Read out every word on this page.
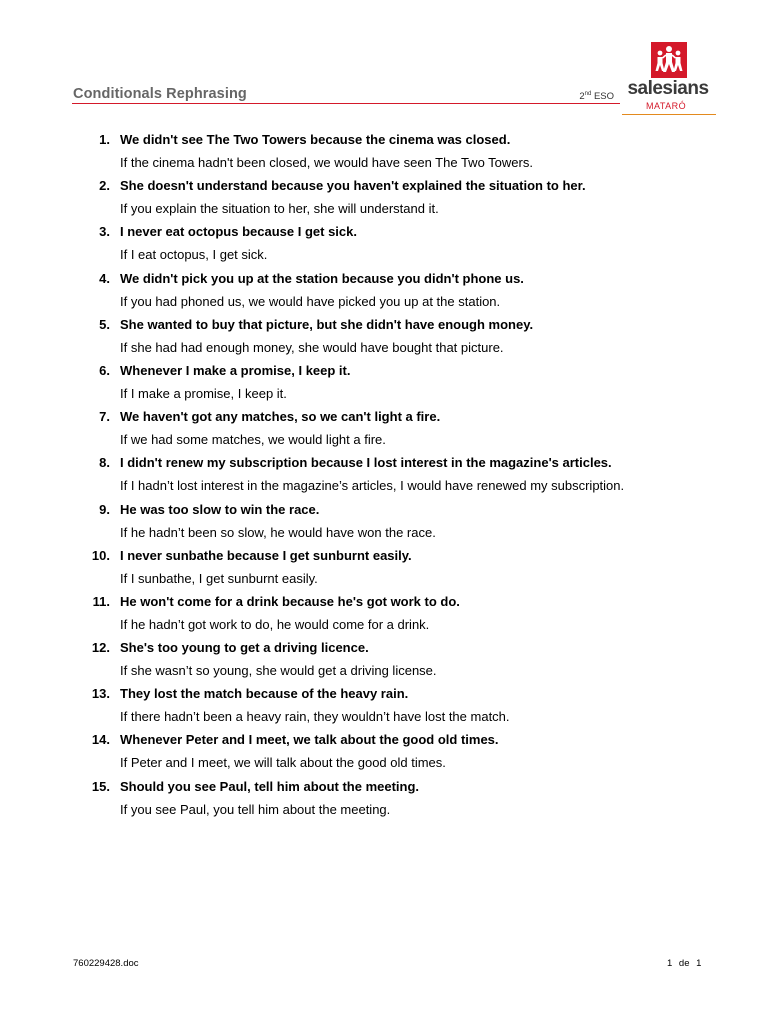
Conditionals Rephrasing	2nd ESO salesians
MATARÓ
1. We didn't see The Two Towers because the cinema was closed.
If the cinema hadn't been closed, we would have seen The Two Towers.
2. She doesn't understand because you haven't explained the situation to her.
If you explain the situation to her, she will understand it.
3. I never eat octopus because I get sick.
If I eat octopus, I get sick.
4. We didn't pick you up at the station because you didn't phone us.
If you had phoned us, we would have picked you up at the station.
5. She wanted to buy that picture, but she didn't have enough money.
If she had had enough money, she would have bought that picture.
6. Whenever I make a promise, I keep it.
If I make a promise, I keep it.
7. We haven't got any matches, so we can't light a fire.
If we had some matches, we would light a fire.
8. I didn't renew my subscription because I lost interest in the magazine's articles.
If I hadn’t lost interest in the magazine’s articles, I would have renewed my subscription.
9. He was too slow to win the race.
If he hadn’t been so slow, he would have won the race.
10. I never sunbathe because I get sunburnt easily.
If I sunbathe, I get sunburnt easily.
11. He won't come for a drink because he's got work to do.
If he hadn’t got work to do, he would come for a drink.
12. She's too young to get a driving licence.
If she wasn’t so young, she would get a driving license.
13. They lost the match because of the heavy rain.
If there hadn’t been a heavy rain, they wouldn’t have lost the match.
14. Whenever Peter and I meet, we talk about the good old times.
If Peter and I meet, we will talk about the good old times.
15. Should you see Paul, tell him about the meeting.
If you see Paul, you tell him about the meeting.
760229428.doc	1 de 1
